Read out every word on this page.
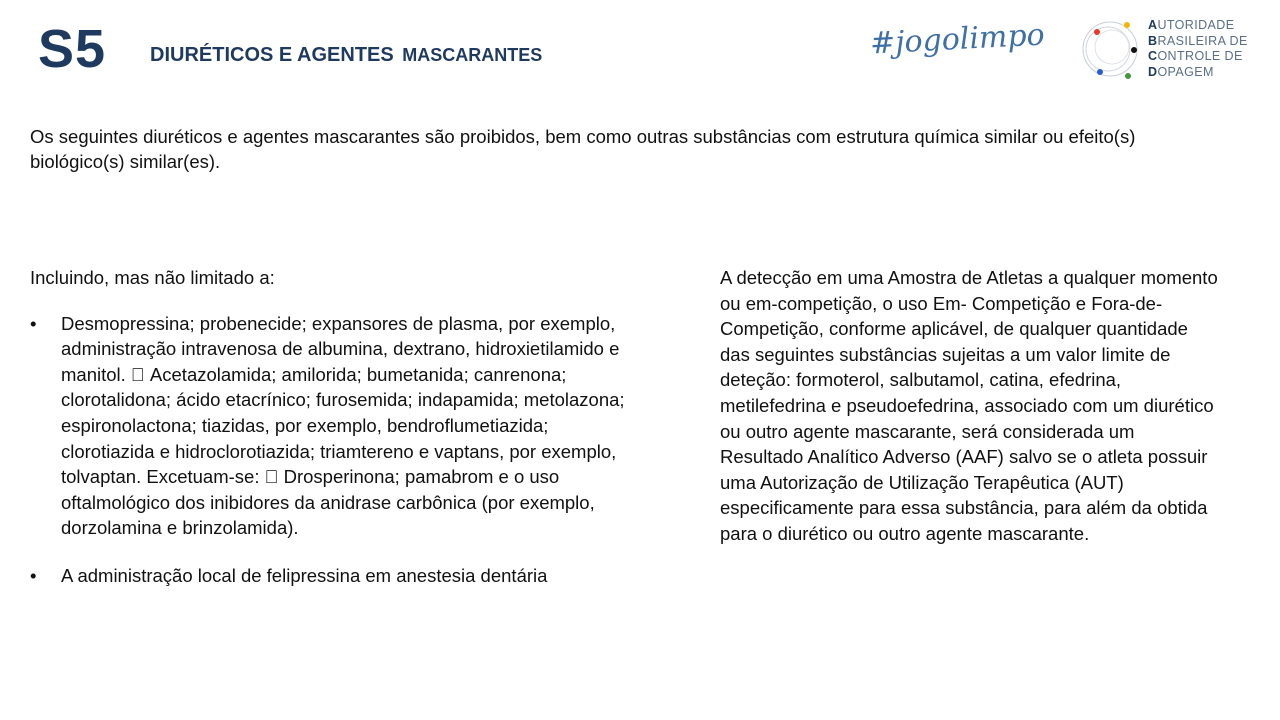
S5 DIURÉTICOS E AGENTES MASCARANTES	#jogolimpo	AUTORIDADE
BRASILEIRA DE
CONTROLE DE
DOPAGEM

Os seguintes diuréticos e agentes mascarantes são proibidos, bem como outras substâncias com estrutura química similar ou efeito(s) biológico(s) similar(es).

Incluindo, mas não limitado a:

• Desmopressina; probenecide; expansores de plasma, por exemplo, administração intravenosa de albumina, dextrano, hidroxietilamido e manitol. Acetazolamida; amilorida; bumetanida; canrenona; clorotalidona; ácido etacrínico; furosemida; indapamida; metolazona; espironolactona; tiazidas, por exemplo, bendroflumetiazida; clorotiazida e hidroclorotiazida; triamtereno e vaptans, por exemplo, tolvaptan. Excetuam-se: Drosperinona; pamabrom e o uso oftalmológico dos inibidores da anidrase carbônica (por exemplo, dorzolamina e brinzolamida).
• A administração local de felipressina em anestesia dentária

A detecção em uma Amostra de Atletas a qualquer momento ou em-competição, o uso Em- Competição e Fora-de-Competição, conforme aplicável, de qualquer quantidade das seguintes substâncias sujeitas a um valor limite de deteção: formoterol, salbutamol, catina, efedrina, metilefedrina e pseudoefedrina, associado com um diurético ou outro agente mascarante, será considerada um Resultado Analítico Adverso (AAF) salvo se o atleta possuir uma Autorização de Utilização Terapêutica (AUT) especificamente para essa substância, para além da obtida para o diurético ou outro agente mascarante.
